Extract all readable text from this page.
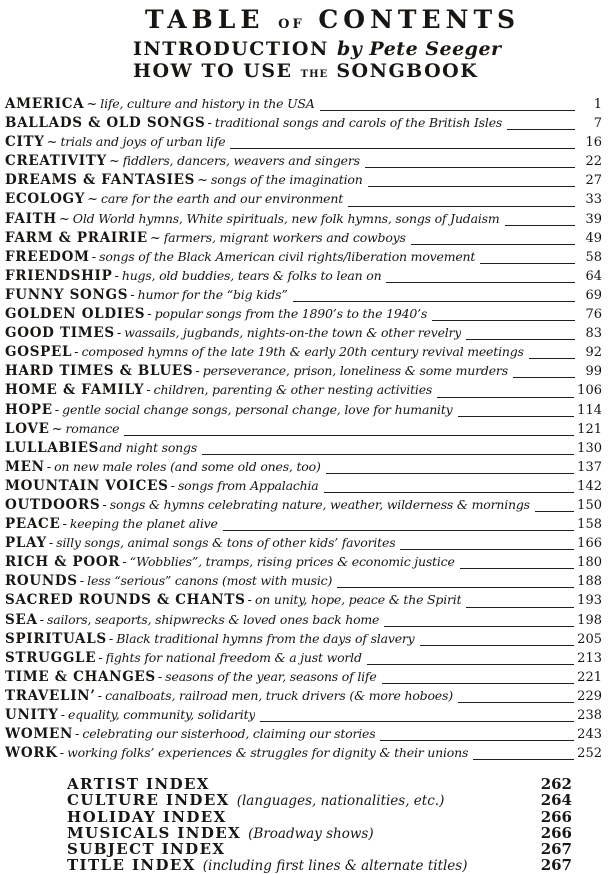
TABLE of CONTENTS
INTRODUCTION by Pete Seeger
HOW TO USE the SONGBOOK
AMERICA ~ life, culture and history in the USA	1
BALLADS & OLD SONGS - traditional songs and carols of the British Isles	7
CITY ~ trials and joys of urban life	16
CREATIVITY ~ fiddlers, dancers, weavers and singers	22
DREAMS & FANTASIES ~ songs of the imagination	27
ECOLOGY ~ care for the earth and our environment	33
FAITH ~ Old World hymns, White spirituals, new folk hymns, songs of Judaism	39
FARM & PRAIRIE ~ farmers, migrant workers and cowboys	49
FREEDOM - songs of the Black American civil rights/liberation movement	58
FRIENDSHIP - hugs, old buddies, tears & folks to lean on	64
FUNNY SONGS - humor for the “big kids”	69
GOLDEN OLDIES - popular songs from the 1890’s to the 1940’s	76
GOOD TIMES - wassails, jugbands, nights-on-the town & other revelry	83
GOSPEL - composed hymns of the late 19th & early 20th century revival meetings	92
HARD TIMES & BLUES - perseverance, prison, loneliness & some murders	99
HOME & FAMILY - children, parenting & other nesting activities	106
HOPE - gentle social change songs, personal change, love for humanity	114
LOVE ~ romance	121
LULLABIES and night songs	130
MEN - on new male roles (and some old ones, too)	137
MOUNTAIN VOICES - songs from Appalachia	142
OUTDOORS - songs & hymns celebrating nature, weather, wilderness & mornings	150
PEACE - keeping the planet alive	158
PLAY - silly songs, animal songs & tons of other kids’ favorites	166
RICH & POOR - “Wobblies”, tramps, rising prices & economic justice	180
ROUNDS - less “serious” canons (most with music)	188
SACRED ROUNDS & CHANTS - on unity, hope, peace & the Spirit	193
SEA - sailors, seaports, shipwrecks & loved ones back home	198
SPIRITUALS - Black traditional hymns from the days of slavery	205
STRUGGLE - fights for national freedom & a just world	213
TIME & CHANGES - seasons of the year, seasons of life	221
TRAVELIN’ - canalboats, railroad men, truck drivers (& more hoboes)	229
UNITY - equality, community, solidarity	238
WOMEN - celebrating our sisterhood, claiming our stories	243
WORK - working folks’ experiences & struggles for dignity & their unions	252
ARTIST INDEX	262
CULTURE INDEX (languages, nationalities, etc.)	264
HOLIDAY INDEX	266
MUSICALS INDEX (Broadway shows)	266
SUBJECT INDEX	267
TITLE INDEX (including first lines & alternate titles)	267
